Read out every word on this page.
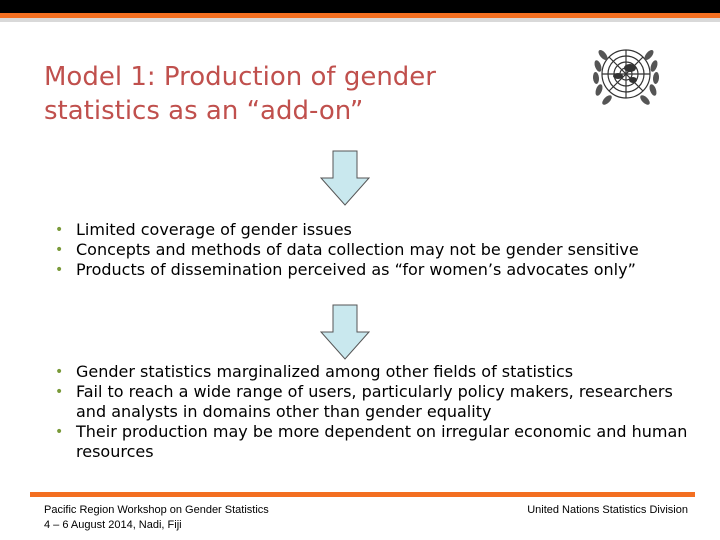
Model 1: Production of gender
statistics as an “add-on”
• Limited coverage of gender issues
• Concepts and methods of data collection may not be gender sensitive
• Products of dissemination perceived as “for women’s advocates only”
• Gender statistics marginalized among other fields of statistics
• Fail to reach a wide range of users, particularly policy makers, researchers and analysts in domains other than gender equality
• Their production may be more dependent on irregular economic and human resources
Pacific Region Workshop on Gender Statistics
4 – 6 August 2014, Nadi, Fiji
United Nations Statistics Division
